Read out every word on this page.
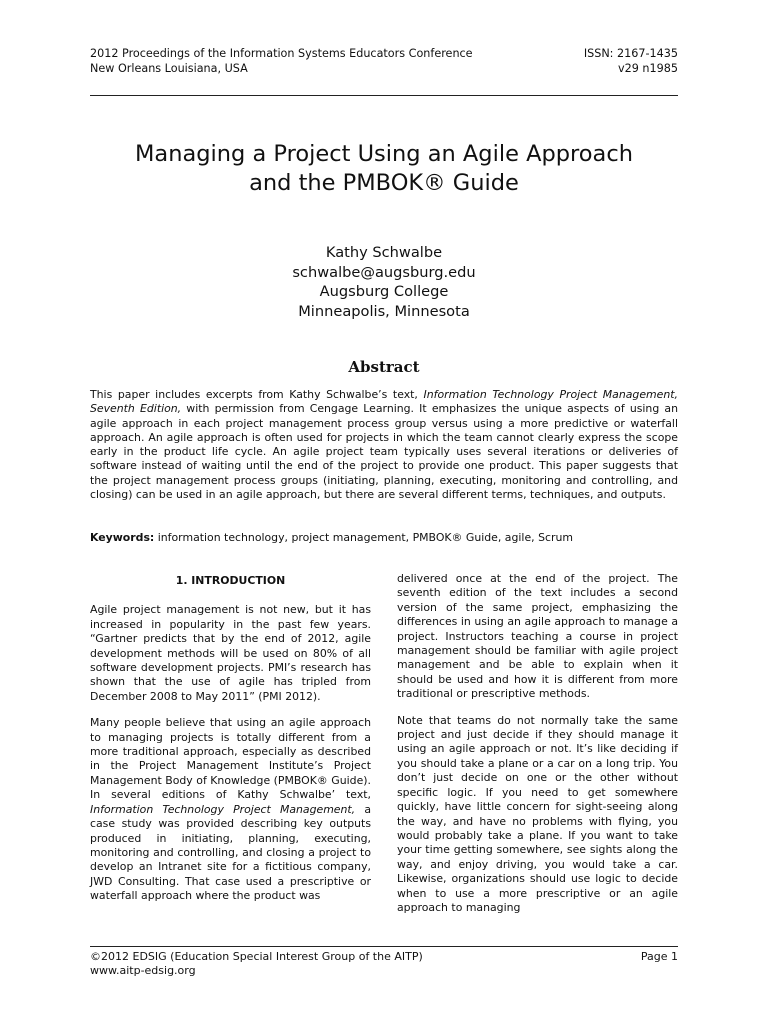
2012 Proceedings of the Information Systems Educators Conference
New Orleans Louisiana, USA
ISSN: 2167-1435
v29 n1985
Managing a Project Using an Agile Approach
and the PMBOK® Guide
Kathy Schwalbe
schwalbe@augsburg.edu
Augsburg College
Minneapolis, Minnesota
Abstract
This paper includes excerpts from Kathy Schwalbe’s text, Information Technology Project Management, Seventh Edition, with permission from Cengage Learning. It emphasizes the unique aspects of using an agile approach in each project management process group versus using a more predictive or waterfall approach. An agile approach is often used for projects in which the team cannot clearly express the scope early in the product life cycle. An agile project team typically uses several iterations or deliveries of software instead of waiting until the end of the project to provide one product. This paper suggests that the project management process groups (initiating, planning, executing, monitoring and controlling, and closing) can be used in an agile approach, but there are several different terms, techniques, and outputs.
Keywords: information technology, project management, PMBOK® Guide, agile, Scrum
1. INTRODUCTION

Agile project management is not new, but it has increased in popularity in the past few years. “Gartner predicts that by the end of 2012, agile development methods will be used on 80% of all software development projects. PMI’s research has shown that the use of agile has tripled from December 2008 to May 2011” (PMI 2012).

Many people believe that using an agile approach to managing projects is totally different from a more traditional approach, especially as described in the Project Management Institute’s Project Management Body of Knowledge (PMBOK® Guide). In several editions of Kathy Schwalbe’ text, Information Technology Project Management, a case study was provided describing key outputs produced in initiating, planning, executing, monitoring and controlling, and closing a project to develop an Intranet site for a fictitious company, JWD Consulting. That case used a prescriptive or waterfall approach where the product was

delivered once at the end of the project. The seventh edition of the text includes a second version of the same project, emphasizing the differences in using an agile approach to manage a project. Instructors teaching a course in project management should be familiar with agile project management and be able to explain when it should be used and how it is different from more traditional or prescriptive methods.

Note that teams do not normally take the same project and just decide if they should manage it using an agile approach or not. It’s like deciding if you should take a plane or a car on a long trip. You don’t just decide on one or the other without specific logic. If you need to get somewhere quickly, have little concern for sight-seeing along the way, and have no problems with flying, you would probably take a plane. If you want to take your time getting somewhere, see sights along the way, and enjoy driving, you would take a car. Likewise, organizations should use logic to decide when to use a more prescriptive or an agile approach to managing

©2012 EDSIG (Education Special Interest Group of the AITP)
www.aitp-edsig.org
Page 1
